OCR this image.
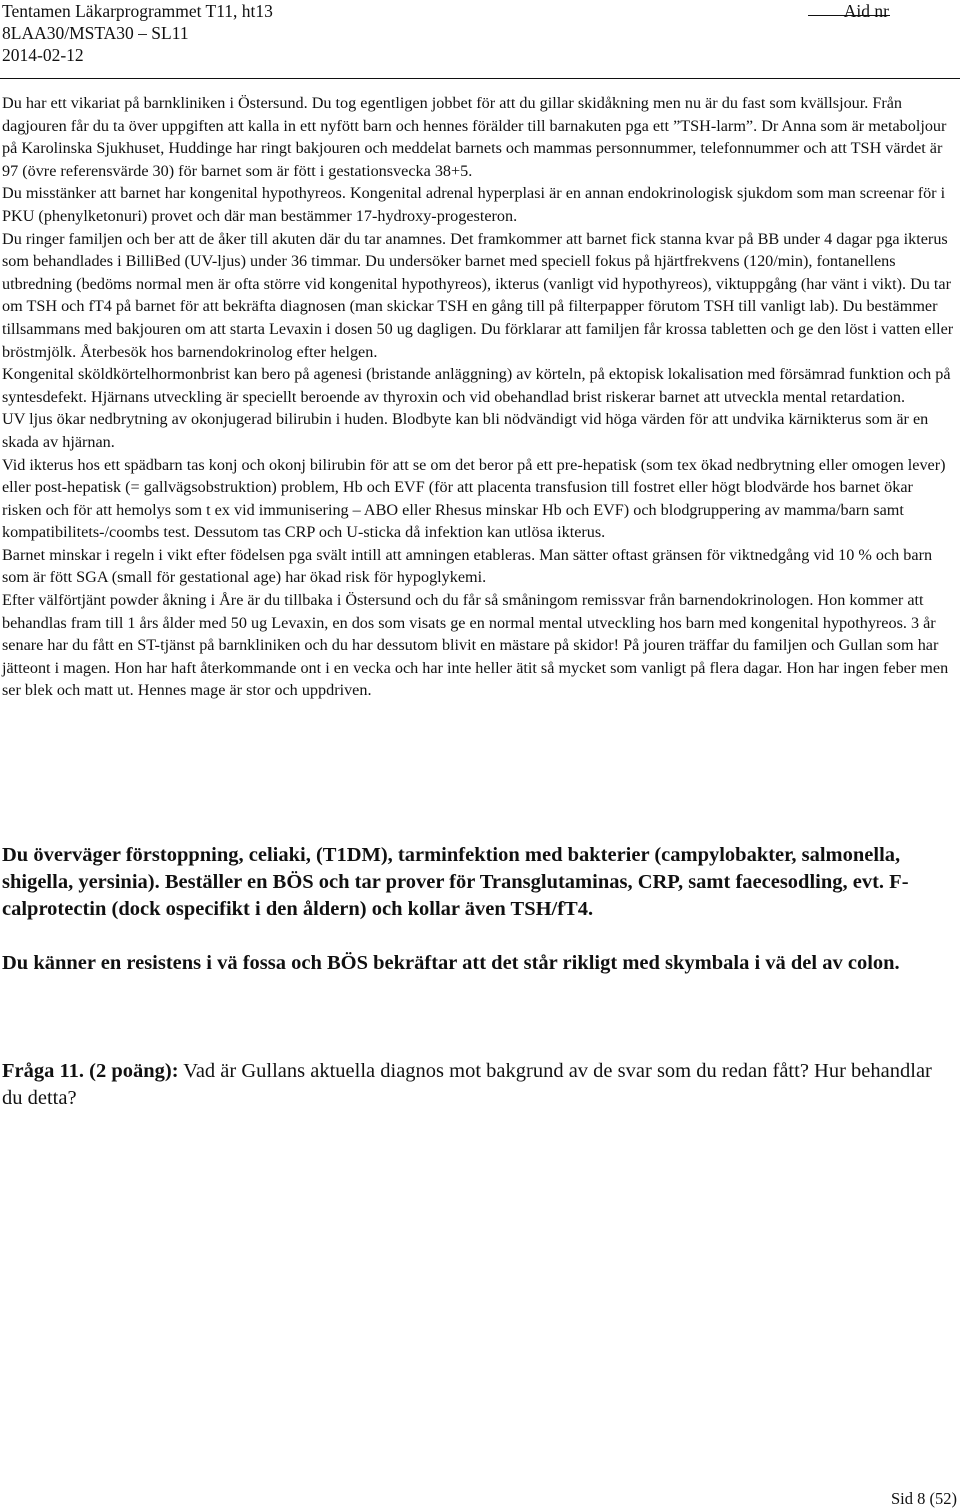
Tentamen Läkarprogrammet T11, ht13
8LAA30/MSTA30 – SL11
2014-02-12
Aid nr

Du har ett vikariat på barnkliniken i Östersund. Du tog egentligen jobbet för att du gillar skidåkning men nu är du fast som kvällsjour. Från dagjouren får du ta över uppgiften att kalla in ett nyfött barn och hennes förälder till barnakuten pga ett ”TSH-larm”. Dr Anna som är metaboljour på Karolinska Sjukhuset, Huddinge har ringt bakjouren och meddelat barnets och mammas personnummer, telefonnummer och att TSH värdet är 97 (övre referensvärde 30) för barnet som är fött i gestationsvecka 38+5.

Du misstänker att barnet har kongenital hypothyreos. Kongenital adrenal hyperplasi är en annan endokrinologisk sjukdom som man screenar för i PKU (phenylketonuri) provet och där man bestämmer 17-hydroxy-progesteron.

Du ringer familjen och ber att de åker till akuten där du tar anamnes. Det framkommer att barnet fick stanna kvar på BB under 4 dagar pga ikterus som behandlades i BilliBed (UV-ljus) under 36 timmar. Du undersöker barnet med speciell fokus på hjärtfrekvens (120/min), fontanellens utbredning (bedöms normal men är ofta större vid kongenital hypothyreos), ikterus (vanligt vid hypothyreos), viktuppgång (har vänt i vikt). Du tar om TSH och fT4 på barnet för att bekräfta diagnosen (man skickar TSH en gång till på filterpapper förutom TSH till vanligt lab). Du bestämmer tillsammans med bakjouren om att starta Levaxin i dosen 50 ug dagligen. Du förklarar att familjen får krossa tabletten och ge den löst i vatten eller bröstmjölk. Återbesök hos barnendokrinolog efter helgen.

Kongenital sköldkörtelhormonbrist kan bero på agenesi (bristande anläggning) av körteln, på ektopisk lokalisation med försämrad funktion och på syntesdefekt. Hjärnans utveckling är speciellt beroende av thyroxin och vid obehandlad brist riskerar barnet att utveckla mental retardation.

UV ljus ökar nedbrytning av okonjugerad bilirubin i huden. Blodbyte kan bli nödvändigt vid höga värden för att undvika kärnikterus som är en skada av hjärnan.

Vid ikterus hos ett spädbarn tas konj och okonj bilirubin för att se om det beror på ett pre-hepatisk (som tex ökad nedbrytning eller omogen lever) eller post-hepatisk (= gallvägsobstruktion) problem, Hb och EVF (för att placenta transfusion till fostret eller högt blodvärde hos barnet ökar risken och för att hemolys som t ex vid immunisering – ABO eller Rhesus minskar Hb och EVF) och blodgruppering av mamma/barn samt kompatibilitets-/coombs test. Dessutom tas CRP och U-sticka då infektion kan utlösa ikterus.

Barnet minskar i regeln i vikt efter födelsen pga svält intill att amningen etableras. Man sätter oftast gränsen för viktnedgång vid 10 % och barn som är fött SGA (small för gestational age) har ökad risk för hypoglykemi.

Efter välförtjänt powder åkning i Åre är du tillbaka i Östersund och du får så småningom remissvar från barnendokrinologen. Hon kommer att behandlas fram till 1 års ålder med 50 ug Levaxin, en dos som visats ge en normal mental utveckling hos barn med kongenital hypothyreos. 3 år senare har du fått en ST-tjänst på barnkliniken och du har dessutom blivit en mästare på skidor! På jouren träffar du familjen och Gullan som har jätteont i magen. Hon har haft återkommande ont i en vecka och har inte heller ätit så mycket som vanligt på flera dagar. Hon har ingen feber men ser blek och matt ut. Hennes mage är stor och uppdriven.

Du överväger förstoppning, celiaki, (T1DM), tarminfektion med bakterier (campylobakter, salmonella, shigella, yersinia). Beställer en BÖS och tar prover för Transglutaminas, CRP, samt faecesodling, evt. F-calprotectin (dock ospecifikt i den åldern) och kollar även TSH/fT4.

Du känner en resistens i vä fossa och BÖS bekräftar att det står rikligt med skymbala i vä del av colon.

Fråga 11. (2 poäng): Vad är Gullans aktuella diagnos mot bakgrund av de svar som du redan fått? Hur behandlar du detta?

Sid 8 (52)
